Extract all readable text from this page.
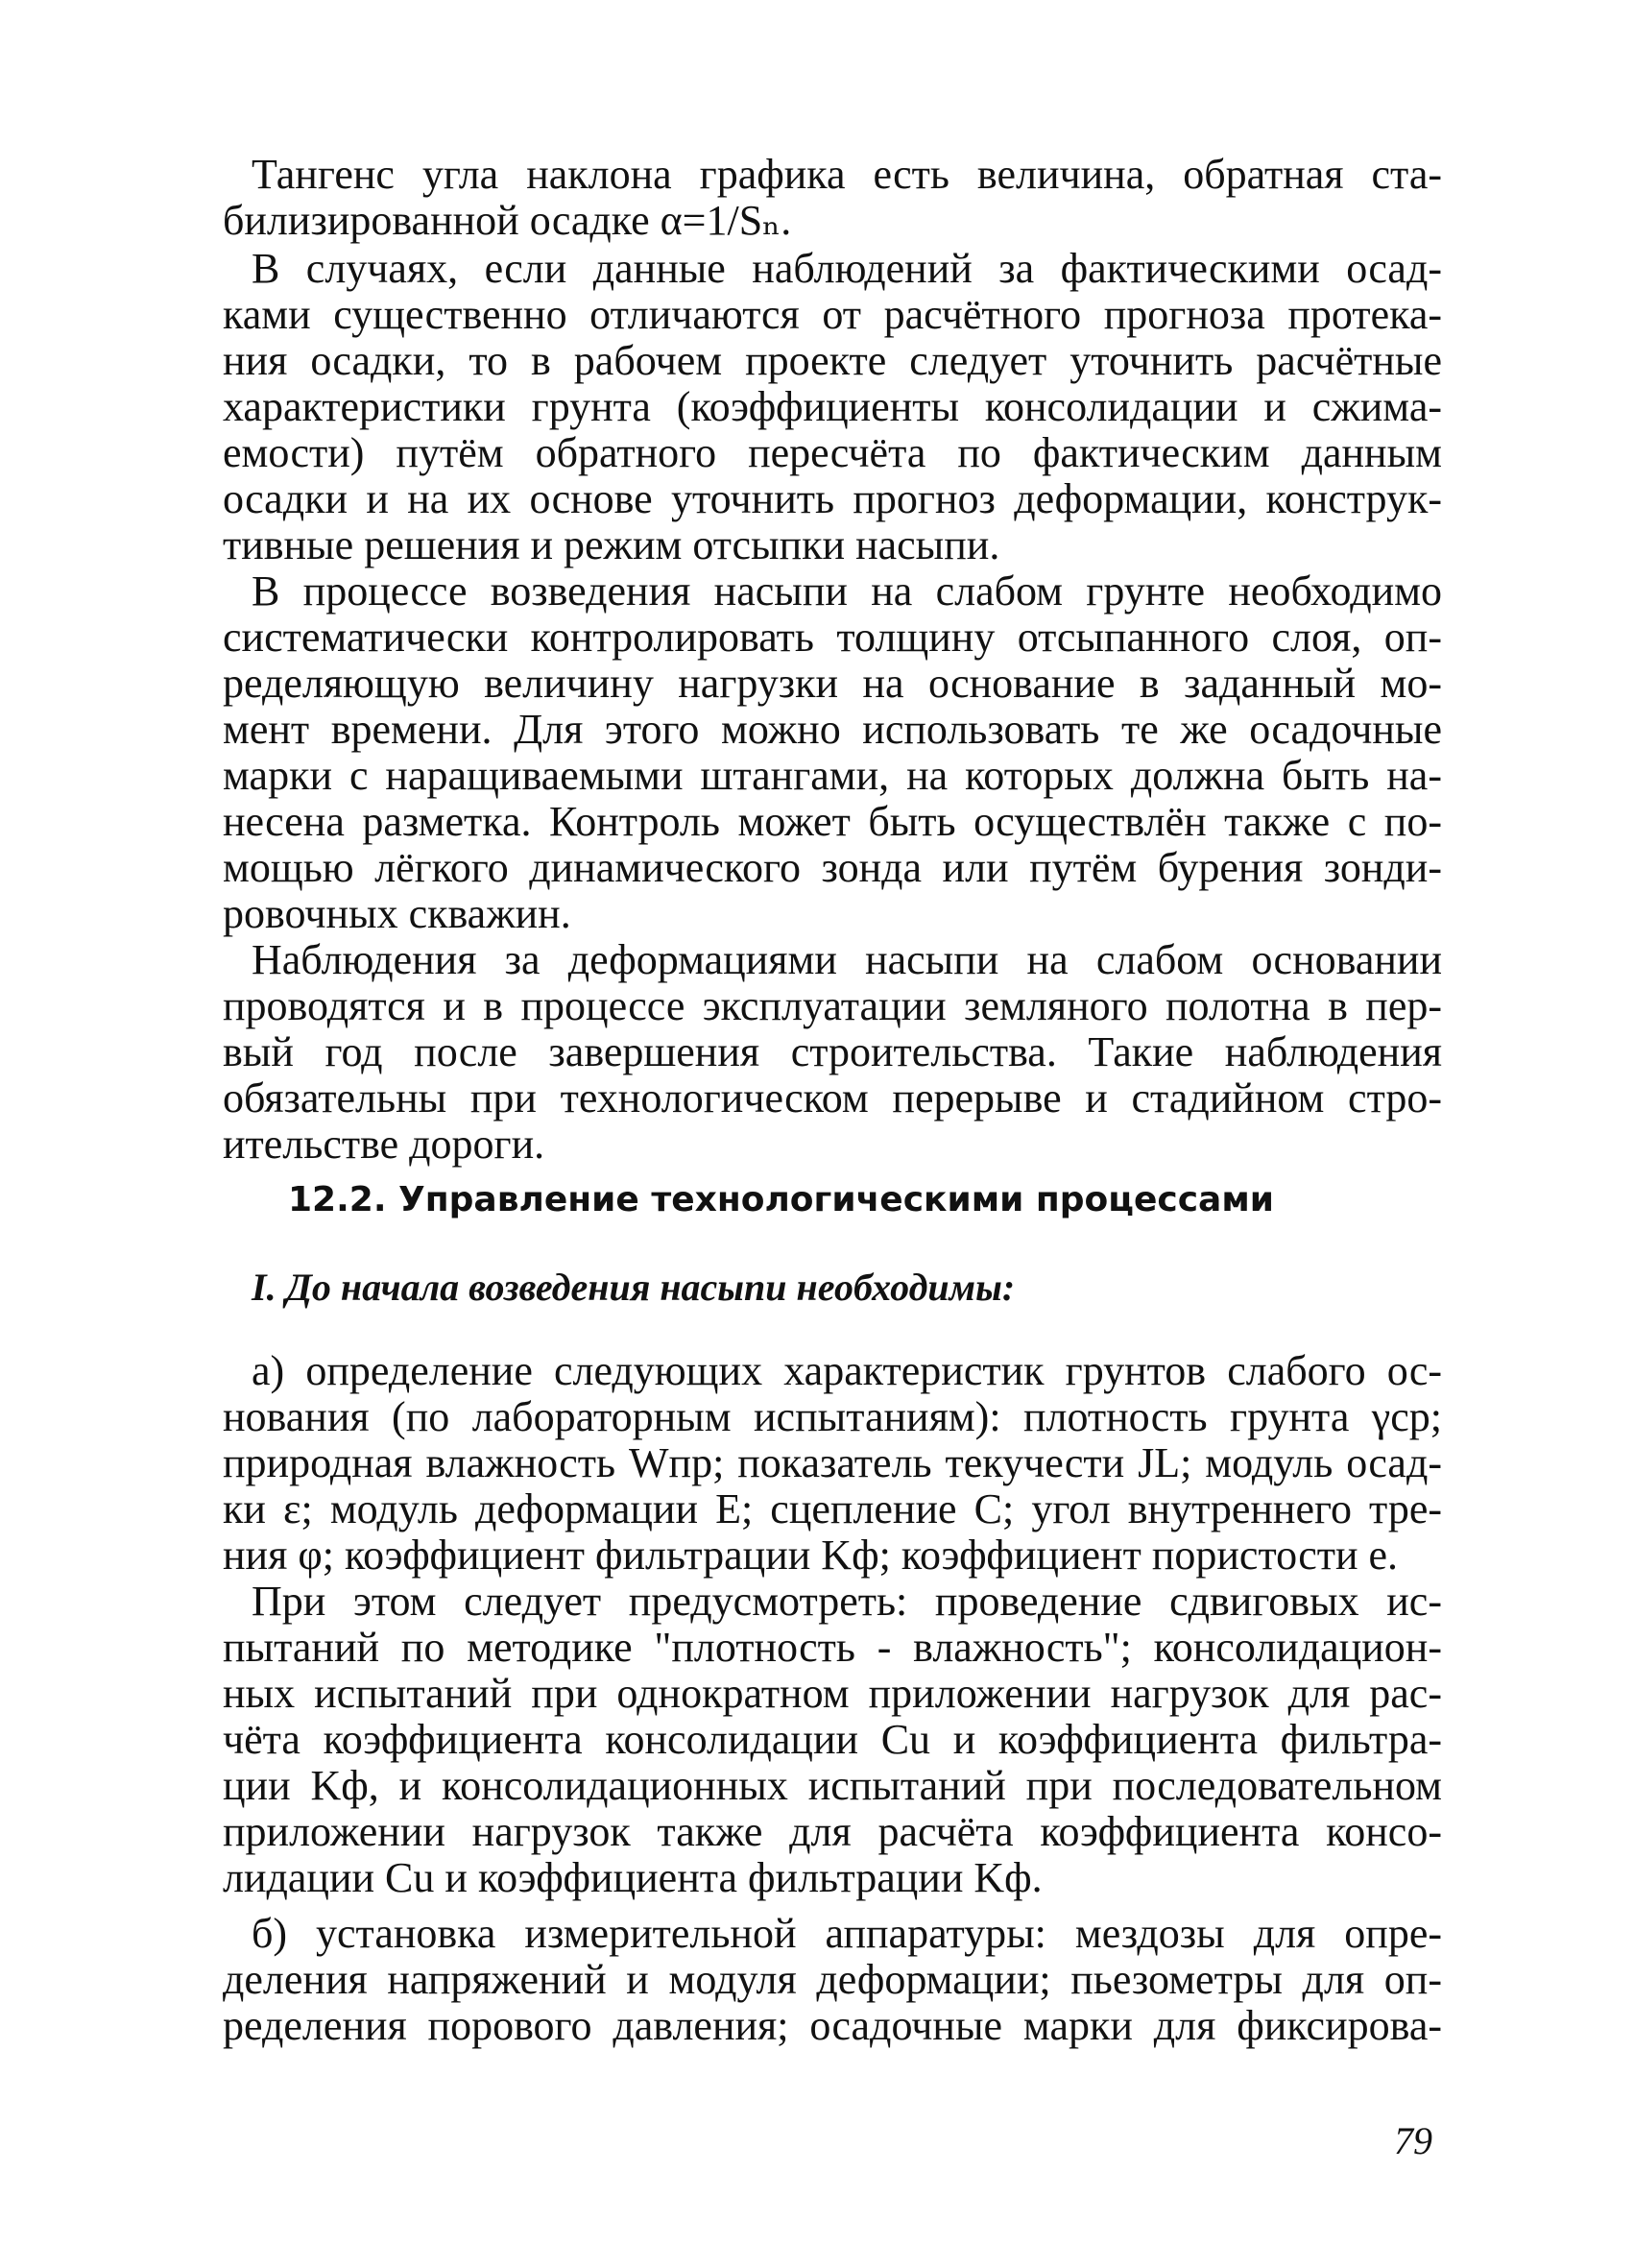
Тангенс угла наклона графика есть величина, обратная ста-
билизированной осадке α=1/Sₙ.
В случаях, если данные наблюдений за фактическими осад-
ками существенно отличаются от расчётного прогноза протека-
ния осадки, то в рабочем проекте следует уточнить расчётные
характеристики грунта (коэффициенты консолидации и сжима-
емости) путём обратного пересчёта по фактическим данным
осадки и на их основе уточнить прогноз деформации, конструк-
тивные решения и режим отсыпки насыпи.
В процессе возведения насыпи на слабом грунте необходимо
систематически контролировать толщину отсыпанного слоя, оп-
ределяющую величину нагрузки на основание в заданный мо-
мент времени. Для этого можно использовать те же осадочные
марки с наращиваемыми штангами, на которых должна быть на-
несена разметка. Контроль может быть осуществлён также с по-
мощью лёгкого динамического зонда или путём бурения зонди-
ровочных скважин.
Наблюдения за деформациями насыпи на слабом основании
проводятся и в процессе эксплуатации земляного полотна в пер-
вый год после завершения строительства. Такие наблюдения
обязательны при технологическом перерыве и стадийном стро-
ительстве дороги.
12.2. Управление технологическими процессами
I. До начала возведения насыпи необходимы:
а) определение следующих характеристик грунтов слабого ос-
нования (по лабораторным испытаниям): плотность грунта γср;
природная влажность Wпр; показатель текучести JL; модуль осад-
ки ε; модуль деформации E; сцепление C; угол внутреннего тре-
ния φ; коэффициент фильтрации Kф; коэффициент пористости e.
При этом следует предусмотреть: проведение сдвиговых ис-
пытаний по методике "плотность - влажность"; консолидацион-
ных испытаний при однократном приложении нагрузок для рас-
чёта коэффициента консолидации Cu и коэффициента фильтра-
ции Kф, и консолидационных испытаний при последовательном
приложении нагрузок также для расчёта коэффициента консо-
лидации Cu и коэффициента фильтрации Kф.
б) установка измерительной аппаратуры: мездозы для опре-
деления напряжений и модуля деформации; пьезометры для оп-
ределения порового давления; осадочные марки для фиксирова-
79
